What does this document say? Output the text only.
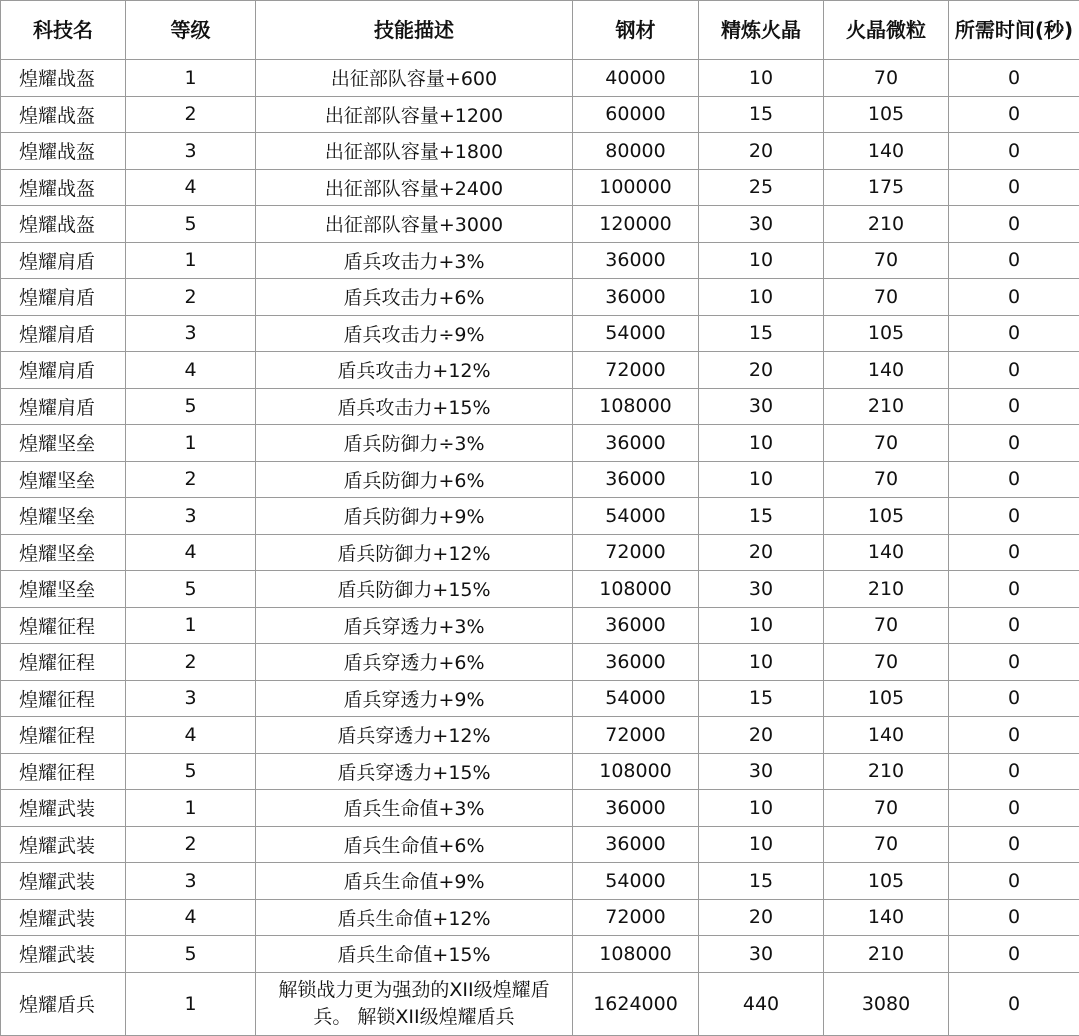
科技名	等级	技能描述	钢材	精炼火晶	火晶微粒	所需时间(秒)
煌耀战盔	1	出征部队容量+600	40000	10	70	0
煌耀战盔	2	出征部队容量+1200	60000	15	105	0
煌耀战盔	3	出征部队容量+1800	80000	20	140	0
煌耀战盔	4	出征部队容量+2400	100000	25	175	0
煌耀战盔	5	出征部队容量+3000	120000	30	210	0
煌耀肩盾	1	盾兵攻击力+3%	36000	10	70	0
煌耀肩盾	2	盾兵攻击力+6%	36000	10	70	0
煌耀肩盾	3	盾兵攻击力÷9%	54000	15	105	0
煌耀肩盾	4	盾兵攻击力+12%	72000	20	140	0
煌耀肩盾	5	盾兵攻击力+15%	108000	30	210	0
煌耀坚垒	1	盾兵防御力÷3%	36000	10	70	0
煌耀坚垒	2	盾兵防御力+6%	36000	10	70	0
煌耀坚垒	3	盾兵防御力+9%	54000	15	105	0
煌耀坚垒	4	盾兵防御力+12%	72000	20	140	0
煌耀坚垒	5	盾兵防御力+15%	108000	30	210	0
煌耀征程	1	盾兵穿透力+3%	36000	10	70	0
煌耀征程	2	盾兵穿透力+6%	36000	10	70	0
煌耀征程	3	盾兵穿透力+9%	54000	15	105	0
煌耀征程	4	盾兵穿透力+12%	72000	20	140	0
煌耀征程	5	盾兵穿透力+15%	108000	30	210	0
煌耀武装	1	盾兵生命值+3%	36000	10	70	0
煌耀武装	2	盾兵生命值+6%	36000	10	70	0
煌耀武装	3	盾兵生命值+9%	54000	15	105	0
煌耀武装	4	盾兵生命值+12%	72000	20	140	0
煌耀武装	5	盾兵生命值+15%	108000	30	210	0
煌耀盾兵	1	解锁战力更为强劲的XII级煌耀盾兵。 解锁XII级煌耀盾兵	1624000	440	3080	0
